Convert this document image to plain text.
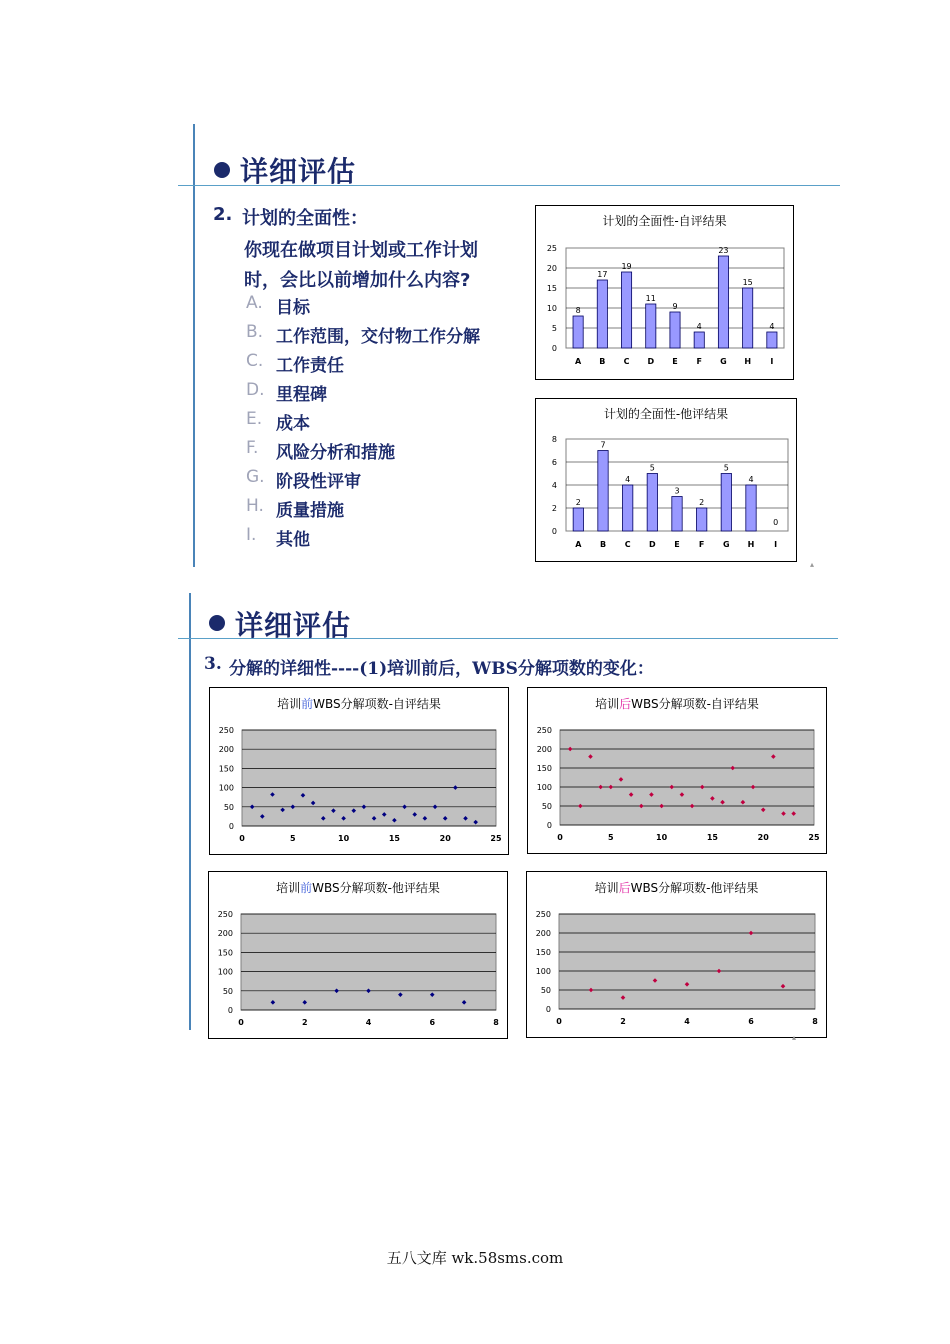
详细评估
2. 计划的全面性：
你现在做项目计划或工作计划
时，会比以前增加什么内容?
A. 目标
B. 工作范围，交付物工作分解
C. 工作责任
D. 里程碑
E. 成本
F. 风险分析和措施
G. 阶段性评审
H. 质量措施
I. 其他
计划的全面性-自评结果
0
5
10
15
20
25
8
A
17
B
19
C
11
D
9
E
4
F
23
G
15
H
4
I
计划的全面性-他评结果
0
2
4
6
8
2
A
7
B
4
C
5
D
3
E
2
F
5
G
4
H
0
I
▴
详细评估
3. 分解的详细性----(1)培训前后，WBS分解项数的变化：
培训前WBS分解项数-自评结果
0
50
100
150
200
250
0	5	10	15	20	25
培训后WBS分解项数-自评结果
0
50
100
150
200
250
0	5	10	15	20	25
培训前WBS分解项数-他评结果
0
50
100
150
200
250
0	2	4	6	8
培训后WBS分解项数-他评结果
0
50
100
150
200
250
0	2	4	6	8
▴
五八文库 wk.58sms.com
